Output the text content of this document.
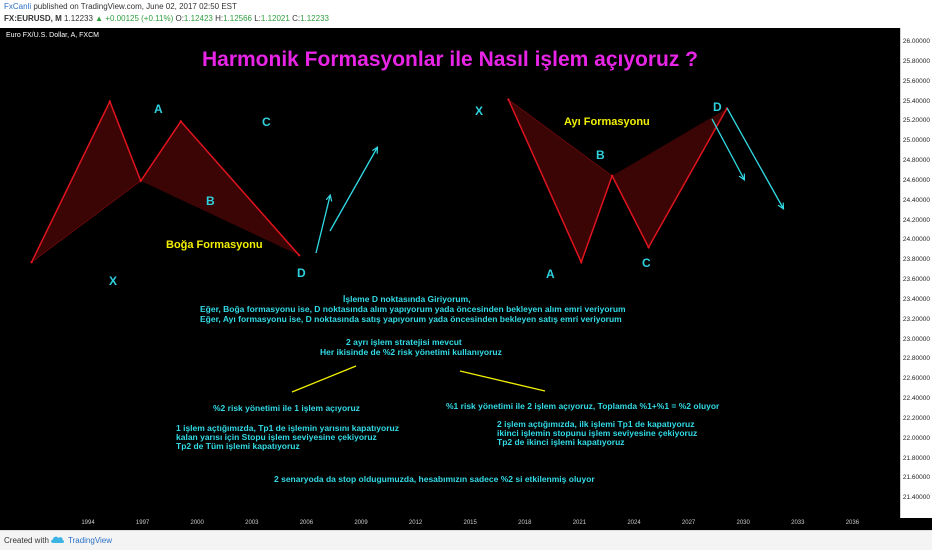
FxCanli published on TradingView.com, June 02, 2017 02:50 EST
FX:EURUSD, M 1.12233 ▲ +0.00125 (+0.11%) O:1.12423 H:1.12566 L:1.12021 C:1.12233
Euro FX/U.S. Dollar, A, FXCM
Harmonik Formasyonlar ile Nasıl işlem açıyoruz ?
A
C
B
X
D
Boğa Formasyonu
X	D
B
A
C
Ayı Formasyonu
İşleme D noktasında Giriyorum,
Eğer, Boğa formasyonu ise, D noktasında alım yapıyorum yada öncesinden bekleyen alım emri veriyorum
Eğer, Ayı formasyonu ise, D noktasında satış yapıyorum yada öncesinden bekleyen satış emri veriyorum
2 ayrı işlem stratejisi mevcut
Her ikisinde de %2 risk yönetimi kullanıyoruz
%2 risk yönetimi ile 1 işlem açıyoruz
1 işlem açtığımızda, Tp1 de işlemin yarısını kapatıyoruz
kalan yarısı için Stopu işlem seviyesine çekiyoruz
Tp2 de Tüm işlemi kapatıyoruz
%1 risk yönetimi ile 2 işlem açıyoruz, Toplamda %1+%1 = %2 oluyor
2 işlem açtığımızda, ilk işlemi Tp1 de kapatıyoruz
ikinci işlemin stopunu işlem seviyesine çekiyoruz
Tp2 de ikinci işlemi kapatıyoruz
2 senaryoda da stop oldugumuzda, hesabımızın sadece %2 si etkilenmiş oluyor
26.00000
25.80000
25.60000
25.40000
25.20000
25.00000
24.80000
24.60000
24.40000
24.20000
24.00000
23.80000
23.60000
23.40000
23.20000
23.00000
22.80000
22.60000
22.40000
22.20000
22.00000
21.80000
21.60000
21.40000
1994	1997	2000	2003	2006	2009	2012	2015	2018	2021	2024	2027	2030	2033	2036
Created with TradingView
